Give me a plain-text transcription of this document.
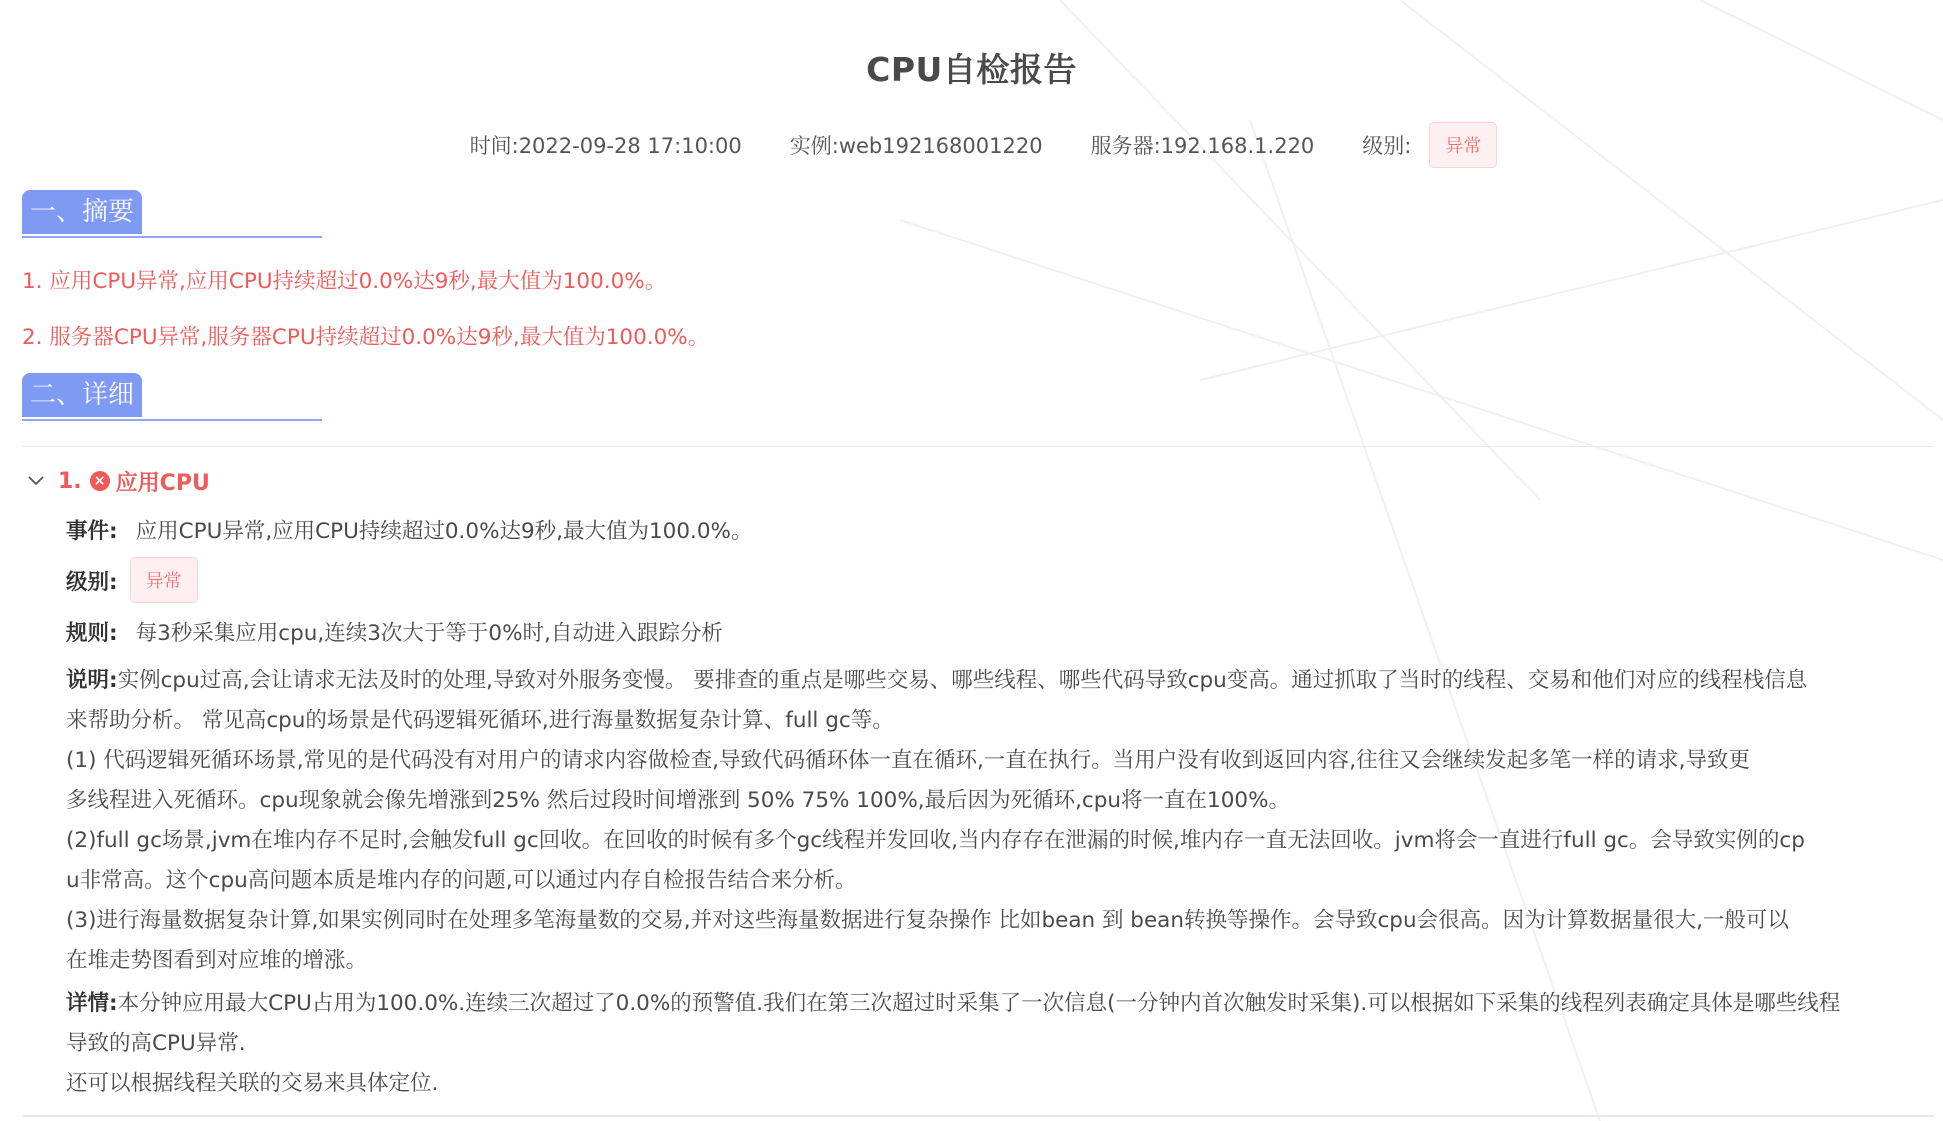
CPU自检报告
时间:2022-09-28 17:10:00 实例:web192168001220 服务器:192.168.1.220 级别:	异常
一、摘要
1. 应用CPU异常,应用CPU持续超过0.0%达9秒,最大值为100.0%。
2. 服务器CPU异常,服务器CPU持续超过0.0%达9秒,最大值为100.0%。
二、详细
1. × 应用CPU
事件: 应用CPU异常,应用CPU持续超过0.0%达9秒,最大值为100.0%。
级别:	异常
规则: 每3秒采集应用cpu,连续3次大于等于0%时,自动进入跟踪分析

说明:实例cpu过高,会让请求无法及时的处理,导致对外服务变慢。 要排查的重点是哪些交易、哪些线程、哪些代码导致cpu变高。通过抓取了当时的线程、交易和他们对应的线程栈信息

来帮助分析。 常见高cpu的场景是代码逻辑死循环,进行海量数据复杂计算、full gc等。

(1) 代码逻辑死循环场景,常见的是代码没有对用户的请求内容做检查,导致代码循环体一直在循环,一直在执行。当用户没有收到返回内容,往往又会继续发起多笔一样的请求,导致更

多线程进入死循环。cpu现象就会像先增涨到25% 然后过段时间增涨到 50% 75% 100%,最后因为死循环,cpu将一直在100%。

(2)full gc场景,jvm在堆内存不足时,会触发full gc回收。在回收的时候有多个gc线程并发回收,当内存存在泄漏的时候,堆内存一直无法回收。jvm将会一直进行full gc。会导致实例的cp

u非常高。这个cpu高问题本质是堆内存的问题,可以通过内存自检报告结合来分析。

(3)进行海量数据复杂计算,如果实例同时在处理多笔海量数的交易,并对这些海量数据进行复杂操作 比如bean 到 bean转换等操作。会导致cpu会很高。因为计算数据量很大,一般可以

在堆走势图看到对应堆的增涨。

详情:本分钟应用最大CPU占用为100.0%.连续三次超过了0.0%的预警值.我们在第三次超过时采集了一次信息(一分钟内首次触发时采集).可以根据如下采集的线程列表确定具体是哪些线程

导致的高CPU异常.

还可以根据线程关联的交易来具体定位.
